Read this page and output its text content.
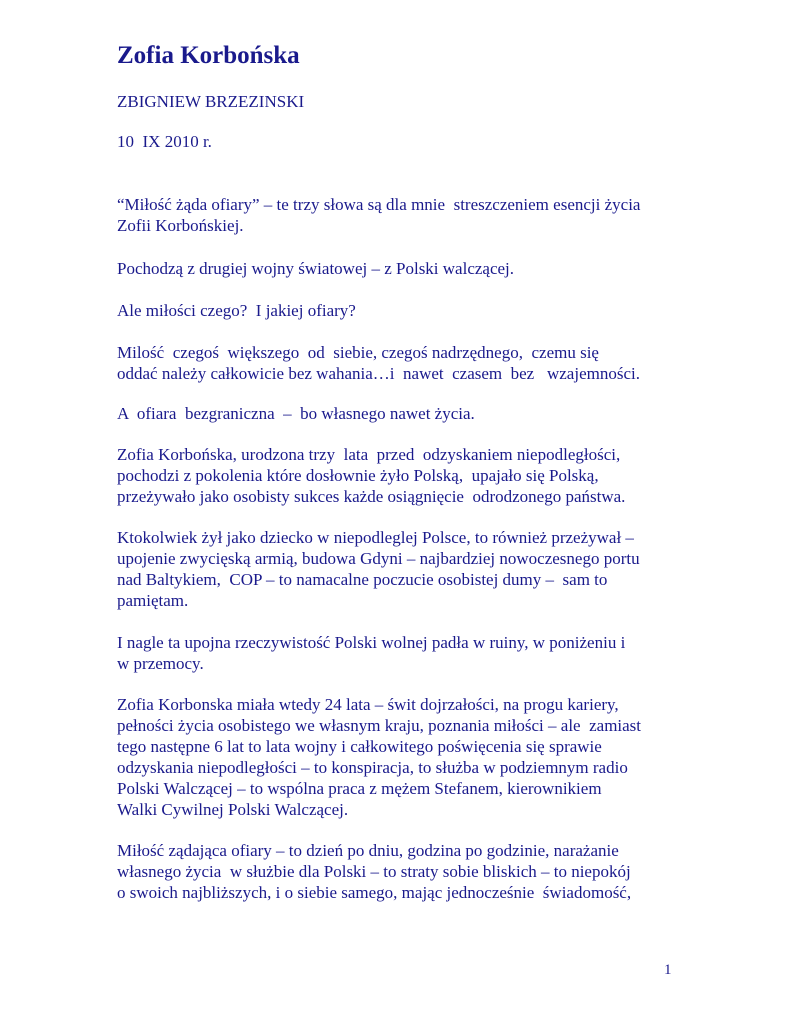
Zofia Korbońska

ZBIGNIEW BRZEZINSKI

10  IX 2010 r.

“Miłość żąda ofiary” – te trzy słowa są dla mnie  streszczeniem esencji życia
Zofii Korbońskiej.

Pochodzą z drugiej wojny światowej – z Polski walczącej.

Ale miłości czego?  I jakiej ofiary?

Milość  czegoś  większego  od  siebie, czegoś nadrzędnego,  czemu się
oddać należy całkowicie bez wahania…i  nawet  czasem  bez   wzajemności.

A  ofiara  bezgraniczna  –  bo własnego nawet życia.

Zofia Korbońska, urodzona trzy  lata  przed  odzyskaniem niepodległości,
pochodzi z pokolenia które dosłownie żyło Polską,  upajało się Polską,
przeżywało jako osobisty sukces każde osiągnięcie  odrodzonego państwa.

Ktokolwiek żył jako dziecko w niepodleglej Polsce, to również przeżywał –
upojenie zwycięską armią, budowa Gdyni – najbardziej nowoczesnego portu
nad Baltykiem,  COP – to namacalne poczucie osobistej dumy –  sam to
pamiętam.

I nagle ta upojna rzeczywistość Polski wolnej padła w ruiny, w poniżeniu i
w przemocy.

Zofia Korbonska miała wtedy 24 lata – świt dojrzałości, na progu kariery,
pełności życia osobistego we własnym kraju, poznania miłości – ale  zamiast
tego następne 6 lat to lata wojny i całkowitego poświęcenia się sprawie
odzyskania niepodległości – to konspiracja, to służba w podziemnym radio
Polski Walczącej – to wspólna praca z mężem Stefanem, kierownikiem
Walki Cywilnej Polski Walczącej.

Miłość ządająca ofiary – to dzień po dniu, godzina po godzinie, narażanie
własnego życia  w służbie dla Polski – to straty sobie bliskich – to niepokój
o swoich najbliższych, i o siebie samego, mając jednocześnie  świadomość,

1
